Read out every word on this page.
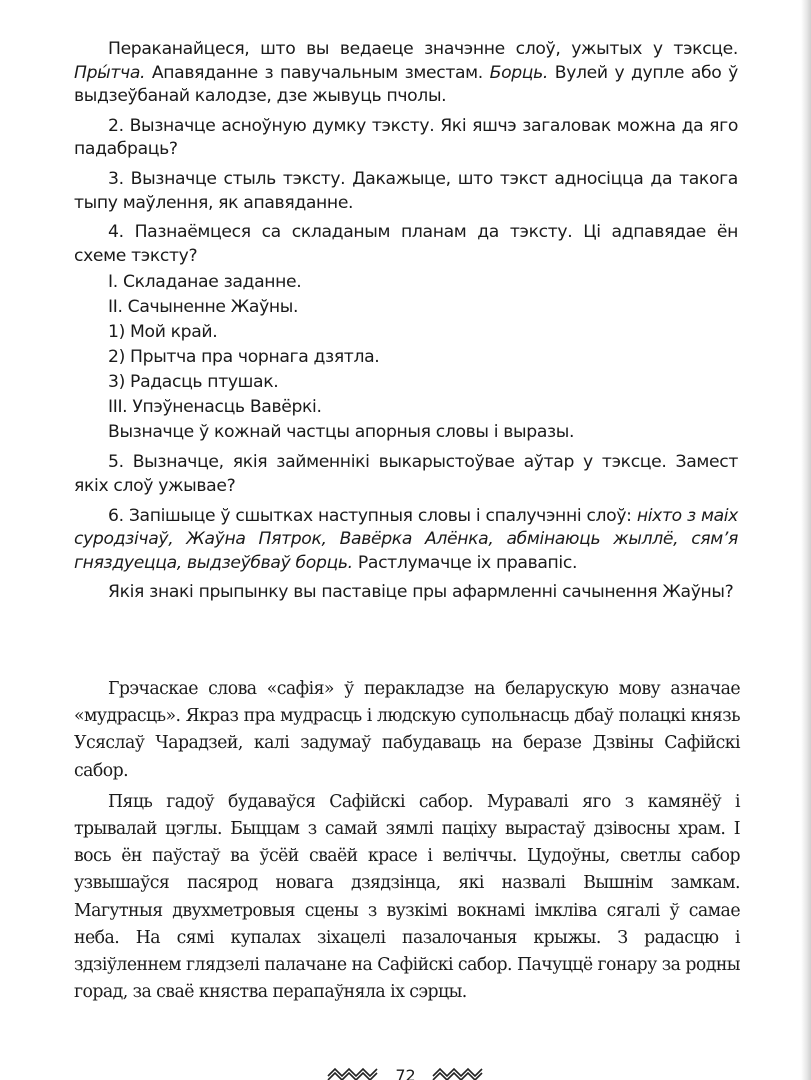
Пераканайцеся, што вы ведаеце значэнне слоў, ужытых у тэксце. Пры́тча. Апавяданне з павучальным зместам. Борць. Вулей у дупле або ў выдзеўбанай калодзе, дзе жывуць пчолы.

2. Вызначце асноўную думку тэксту. Які яшчэ загаловак можна да яго падабраць?

3. Вызначце стыль тэксту. Дакажыце, што тэкст адносіцца да такога тыпу маўлення, як апавяданне.

4. Пазнаёмцеся са складаным планам да тэксту. Ці адпавядае ён схеме тэксту?

I. Складанае заданне.
II. Сачыненне Жаўны.
1) Мой край.
2) Прытча пра чорнага дзятла.
3) Радасць птушак.
III. Упэўненасць Вавёркі.
Вызначце ў кожнай частцы апорныя словы і выразы.

5. Вызначце, якія займеннікі выкарыстоўвае аўтар у тэксце. Замест якіх слоў ужывае?

6. Запішыце ў сшытках наступныя словы і спалучэнні слоў: ніхто з маіх суродзічаў, Жаўна Пятрок, Вавёрка Алёнка, абмінаюць жыллё, сям’я гняздуецца, выдзеўбваў борць. Растлумачце іх правапіс.

Якія знакі прыпынку вы паставіце пры афармленні сачынення Жаўны?

Грэчаскае слова «сафія» ў перакладзе на беларускую мову азначае «мудрасць». Якраз пра мудрасць і людскую супольнасць дбаў полацкі князь Усяслаў Чарадзей, калі задумаў пабудаваць на беразе Дзвіны Сафійскі сабор.

Пяць гадоў будаваўся Сафійскі сабор. Муравалі яго з камянёў і трывалай цэглы. Быццам з самай зямлі паціху вырастаў дзівосны храм. І вось ён паўстаў ва ўсёй сваёй красе і веліччы. Цудоўны, светлы сабор узвышаўся пасярод новага дзядзінца, які назвалі Вышнім замкам. Магутныя двухметровыя сцены з вузкімі вокнамі імкліва сягалі ў самае неба. На сямі купалах зіхацелі пазалочаныя крыжы. З радасцю і здзіўленнем глядзелі палачане на Сафійскі сабор. Пачуццё гонару за родны горад, за сваё княства перапаўняла іх сэрцы.

72
